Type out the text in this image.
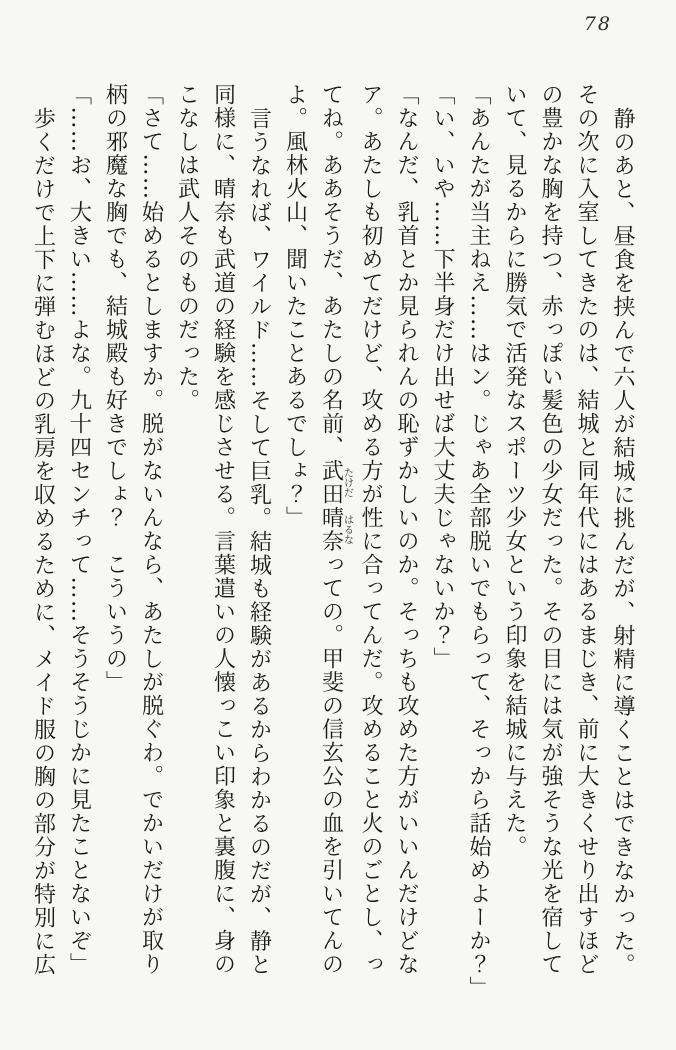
78
静のあと、昼食を挟んで六人が結城に挑んだが、射精に導くことはできなかった。
その次に入室してきたのは、結城と同年代にはあるまじき、前に大きくせり出すほど
の豊かな胸を持つ、赤っぽい髪色の少女だった。その目には気が強そうな光を宿して
いて、見るからに勝気で活発なスポーツ少女という印象を結城に与えた。
「あんたが当主ねえ……はン。じゃあ全部脱いでもらって、そっから話始めよーか？」
「い、いや……下半身だけ出せば大丈夫じゃないか？」
「なんだ、乳首とか見られんの恥ずかしいのか。そっちも攻めた方がいいんだけどな
ア。あたしも初めてだけど、攻める方が性に合ってんだ。攻めること火のごとし、っ
てね。ああそうだ、あたしの名前、武田たけだ晴奈はるなっての。甲斐の信玄公の血を引いてんの
よ。風林火山、聞いたことあるでしょ？」
言うなれば、ワイルド……そして巨乳。結城も経験があるからわかるのだが、静と
同様に、晴奈も武道の経験を感じさせる。言葉遣いの人懐っこい印象と裏腹に、身の
こなしは武人そのものだった。
「さて……始めるとしますか。脱がないんなら、あたしが脱ぐわ。でかいだけが取り
柄の邪魔な胸でも、結城殿も好きでしょ？　こういうの」
「……お、大きい……よな。九十四センチって……そうそうじかに見たことないぞ」
歩くだけで上下に弾むほどの乳房を収めるために、メイド服の胸の部分が特別に広
